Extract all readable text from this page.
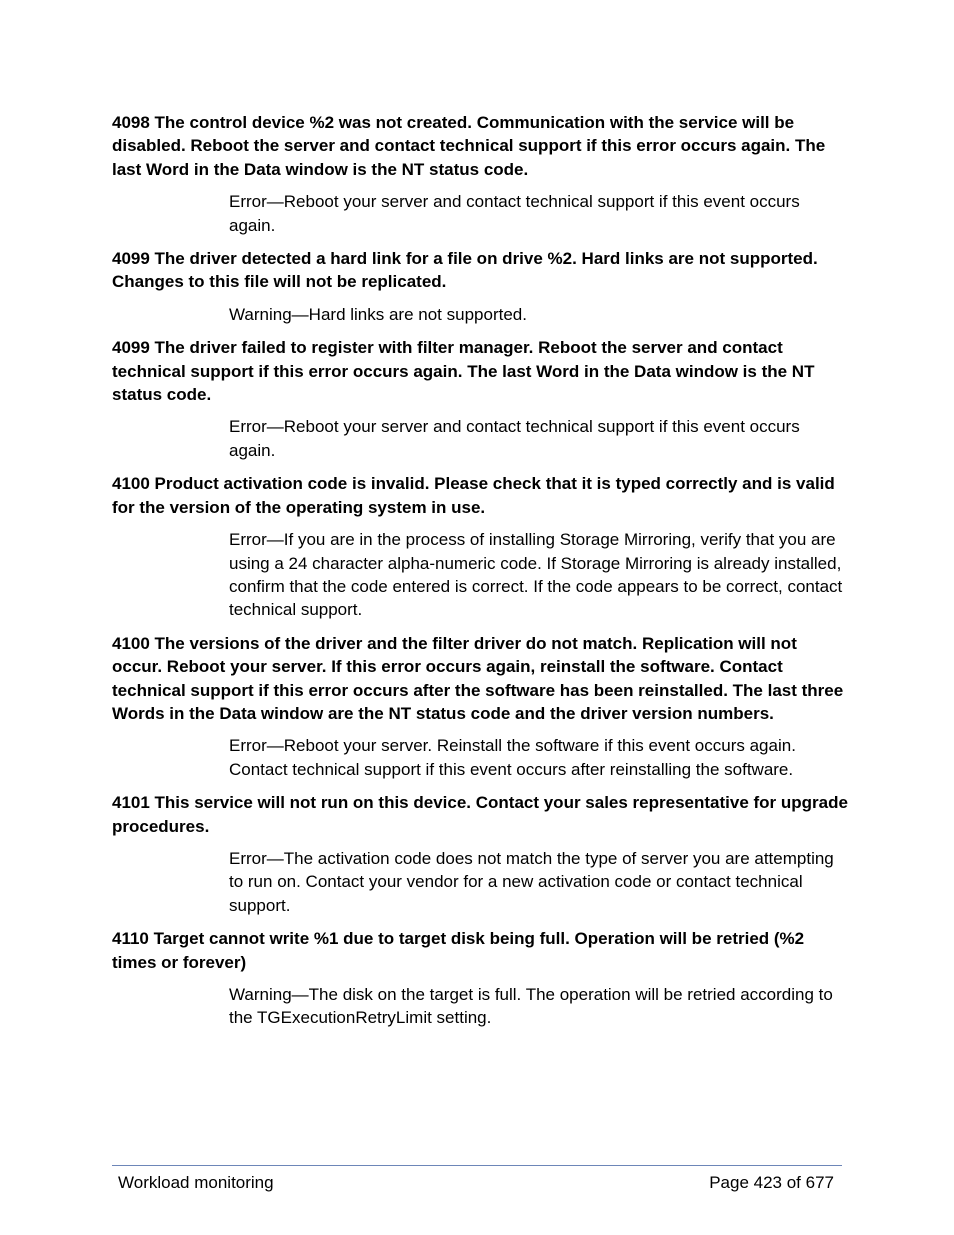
4098 The control device %2 was not created. Communication with the service will be disabled. Reboot the server and contact technical support if this error occurs again. The last Word in the Data window is the NT status code.

Error—Reboot your server and contact technical support if this event occurs again.

4099 The driver detected a hard link for a file on drive %2. Hard links are not supported. Changes to this file will not be replicated.

Warning—Hard links are not supported.

4099 The driver failed to register with filter manager. Reboot the server and contact technical support if this error occurs again. The last Word in the Data window is the NT status code.

Error—Reboot your server and contact technical support if this event occurs again.

4100 Product activation code is invalid. Please check that it is typed correctly and is valid for the version of the operating system in use.

Error—If you are in the process of installing Storage Mirroring, verify that you are using a 24 character alpha-numeric code. If Storage Mirroring is already installed, confirm that the code entered is correct. If the code appears to be correct, contact technical support.

4100 The versions of the driver and the filter driver do not match. Replication will not occur. Reboot your server. If this error occurs again, reinstall the software. Contact technical support if this error occurs after the software has been reinstalled. The last three Words in the Data window are the NT status code and the driver version numbers.

Error—Reboot your server. Reinstall the software if this event occurs again. Contact technical support if this event occurs after reinstalling the software.

4101 This service will not run on this device. Contact your sales representative for upgrade procedures.

Error—The activation code does not match the type of server you are attempting to run on. Contact your vendor for a new activation code or contact technical support.

4110 Target cannot write %1 due to target disk being full. Operation will be retried (%2 times or forever)

Warning—The disk on the target is full. The operation will be retried according to the TGExecutionRetryLimit setting.

Workload monitoring	Page 423 of 677
